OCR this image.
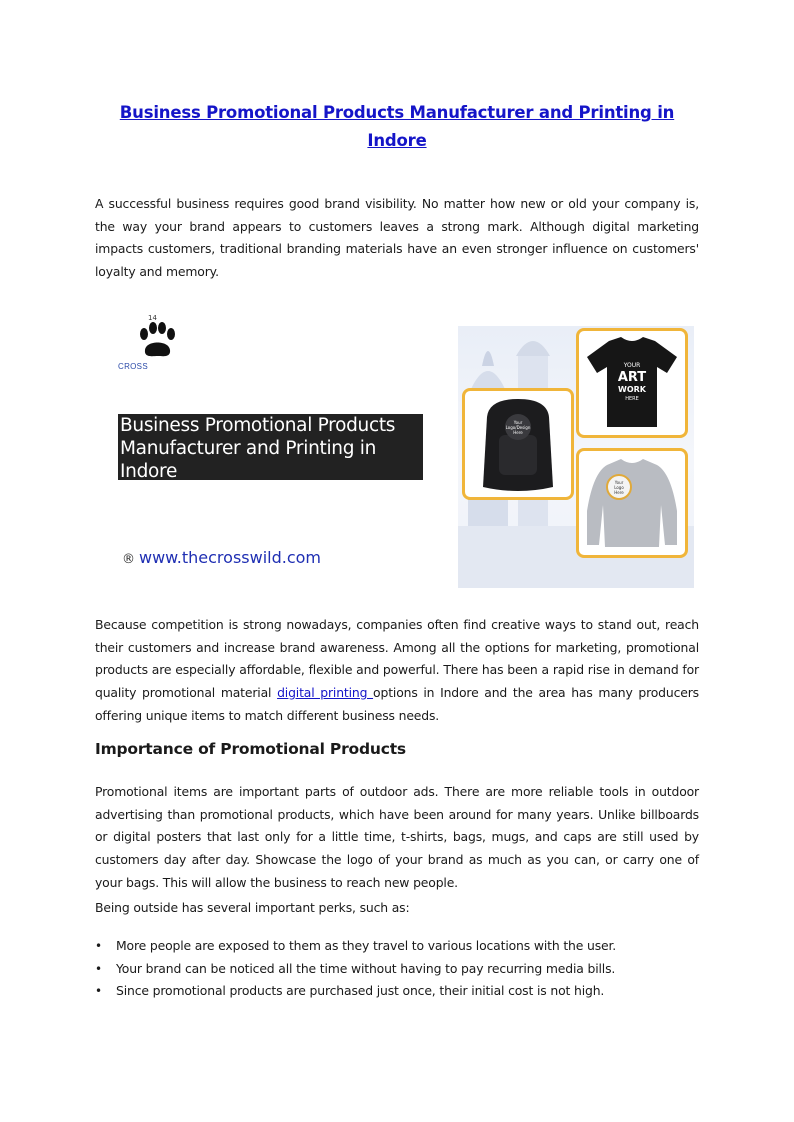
Business Promotional Products Manufacturer and Printing in Indore

A successful business requires good brand visibility. No matter how new or old your company is, the way your brand appears to customers leaves a strong mark. Although digital marketing impacts customers, traditional branding materials have an even stronger influence on customers' loyalty and memory.

14
CROSS
Business Promotional Products Manufacturer and Printing in Indore
® www.thecrosswild.com
YOUR
ART
WORK
HERE
Your
Logo/Design
Here
Your
Logo
Here

Because competition is strong nowadays, companies often find creative ways to stand out, reach their customers and increase brand awareness. Among all the options for marketing, promotional products are especially affordable, flexible and powerful. There has been a rapid rise in demand for quality promotional material digital printing options in Indore and the area has many producers offering unique items to match different business needs.

Importance of Promotional Products

Promotional items are important parts of outdoor ads. There are more reliable tools in outdoor advertising than promotional products, which have been around for many years. Unlike billboards or digital posters that last only for a little time, t-shirts, bags, mugs, and caps are still used by customers day after day. Showcase the logo of your brand as much as you can, or carry one of your bags. This will allow the business to reach new people.

Being outside has several important perks, such as:

• More people are exposed to them as they travel to various locations with the user.
• Your brand can be noticed all the time without having to pay recurring media bills.
• Since promotional products are purchased just once, their initial cost is not high.
